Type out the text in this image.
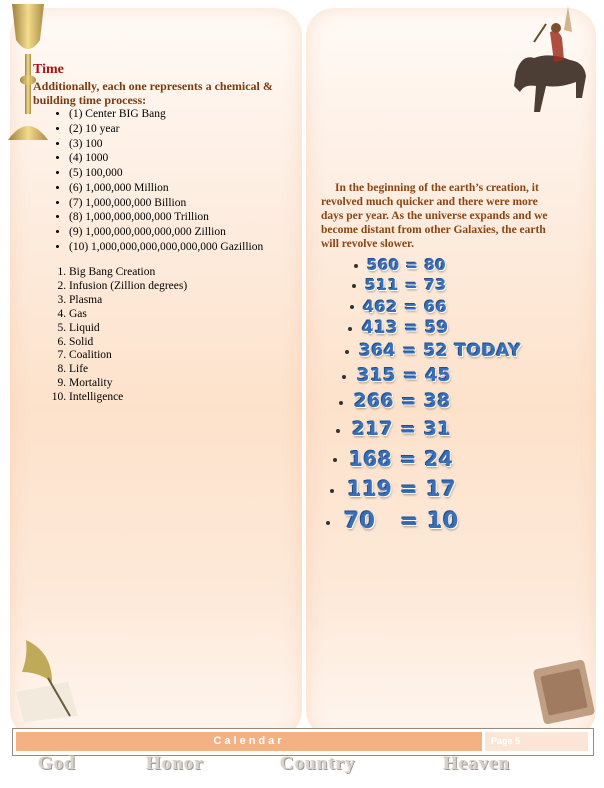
Time

Additionally, each one represents a chemical & building time process:

• (1) Center BIG Bang
• (2) 10 year
• (3) 100
• (4) 1000
• (5) 100,000
• (6) 1,000,000 Million
• (7) 1,000,000,000 Billion
• (8) 1,000,000,000,000 Trillion
• (9) 1,000,000,000,000,000 Zillion
• (10) 1,000,000,000,000,000,000 Gazillion
1. Big Bang Creation
2. Infusion (Zillion degrees)
3. Plasma
4. Gas
5. Liquid
6. Solid
7. Coalition
8. Life
9. Mortality
10. Intelligence

In the beginning of the earth’s creation, it revolved much quicker and there were more days per year. As the universe expands and we become distant from other Galaxies, the earth will revolve slower.

560 = 80
511 = 73
462 = 66
413 = 59
364 = 52 TODAY
315 = 45
266 = 38
217 = 31
168 = 24
119 = 17
70   = 10
Calendar	Page 5
God	Honor	Country	Heaven
